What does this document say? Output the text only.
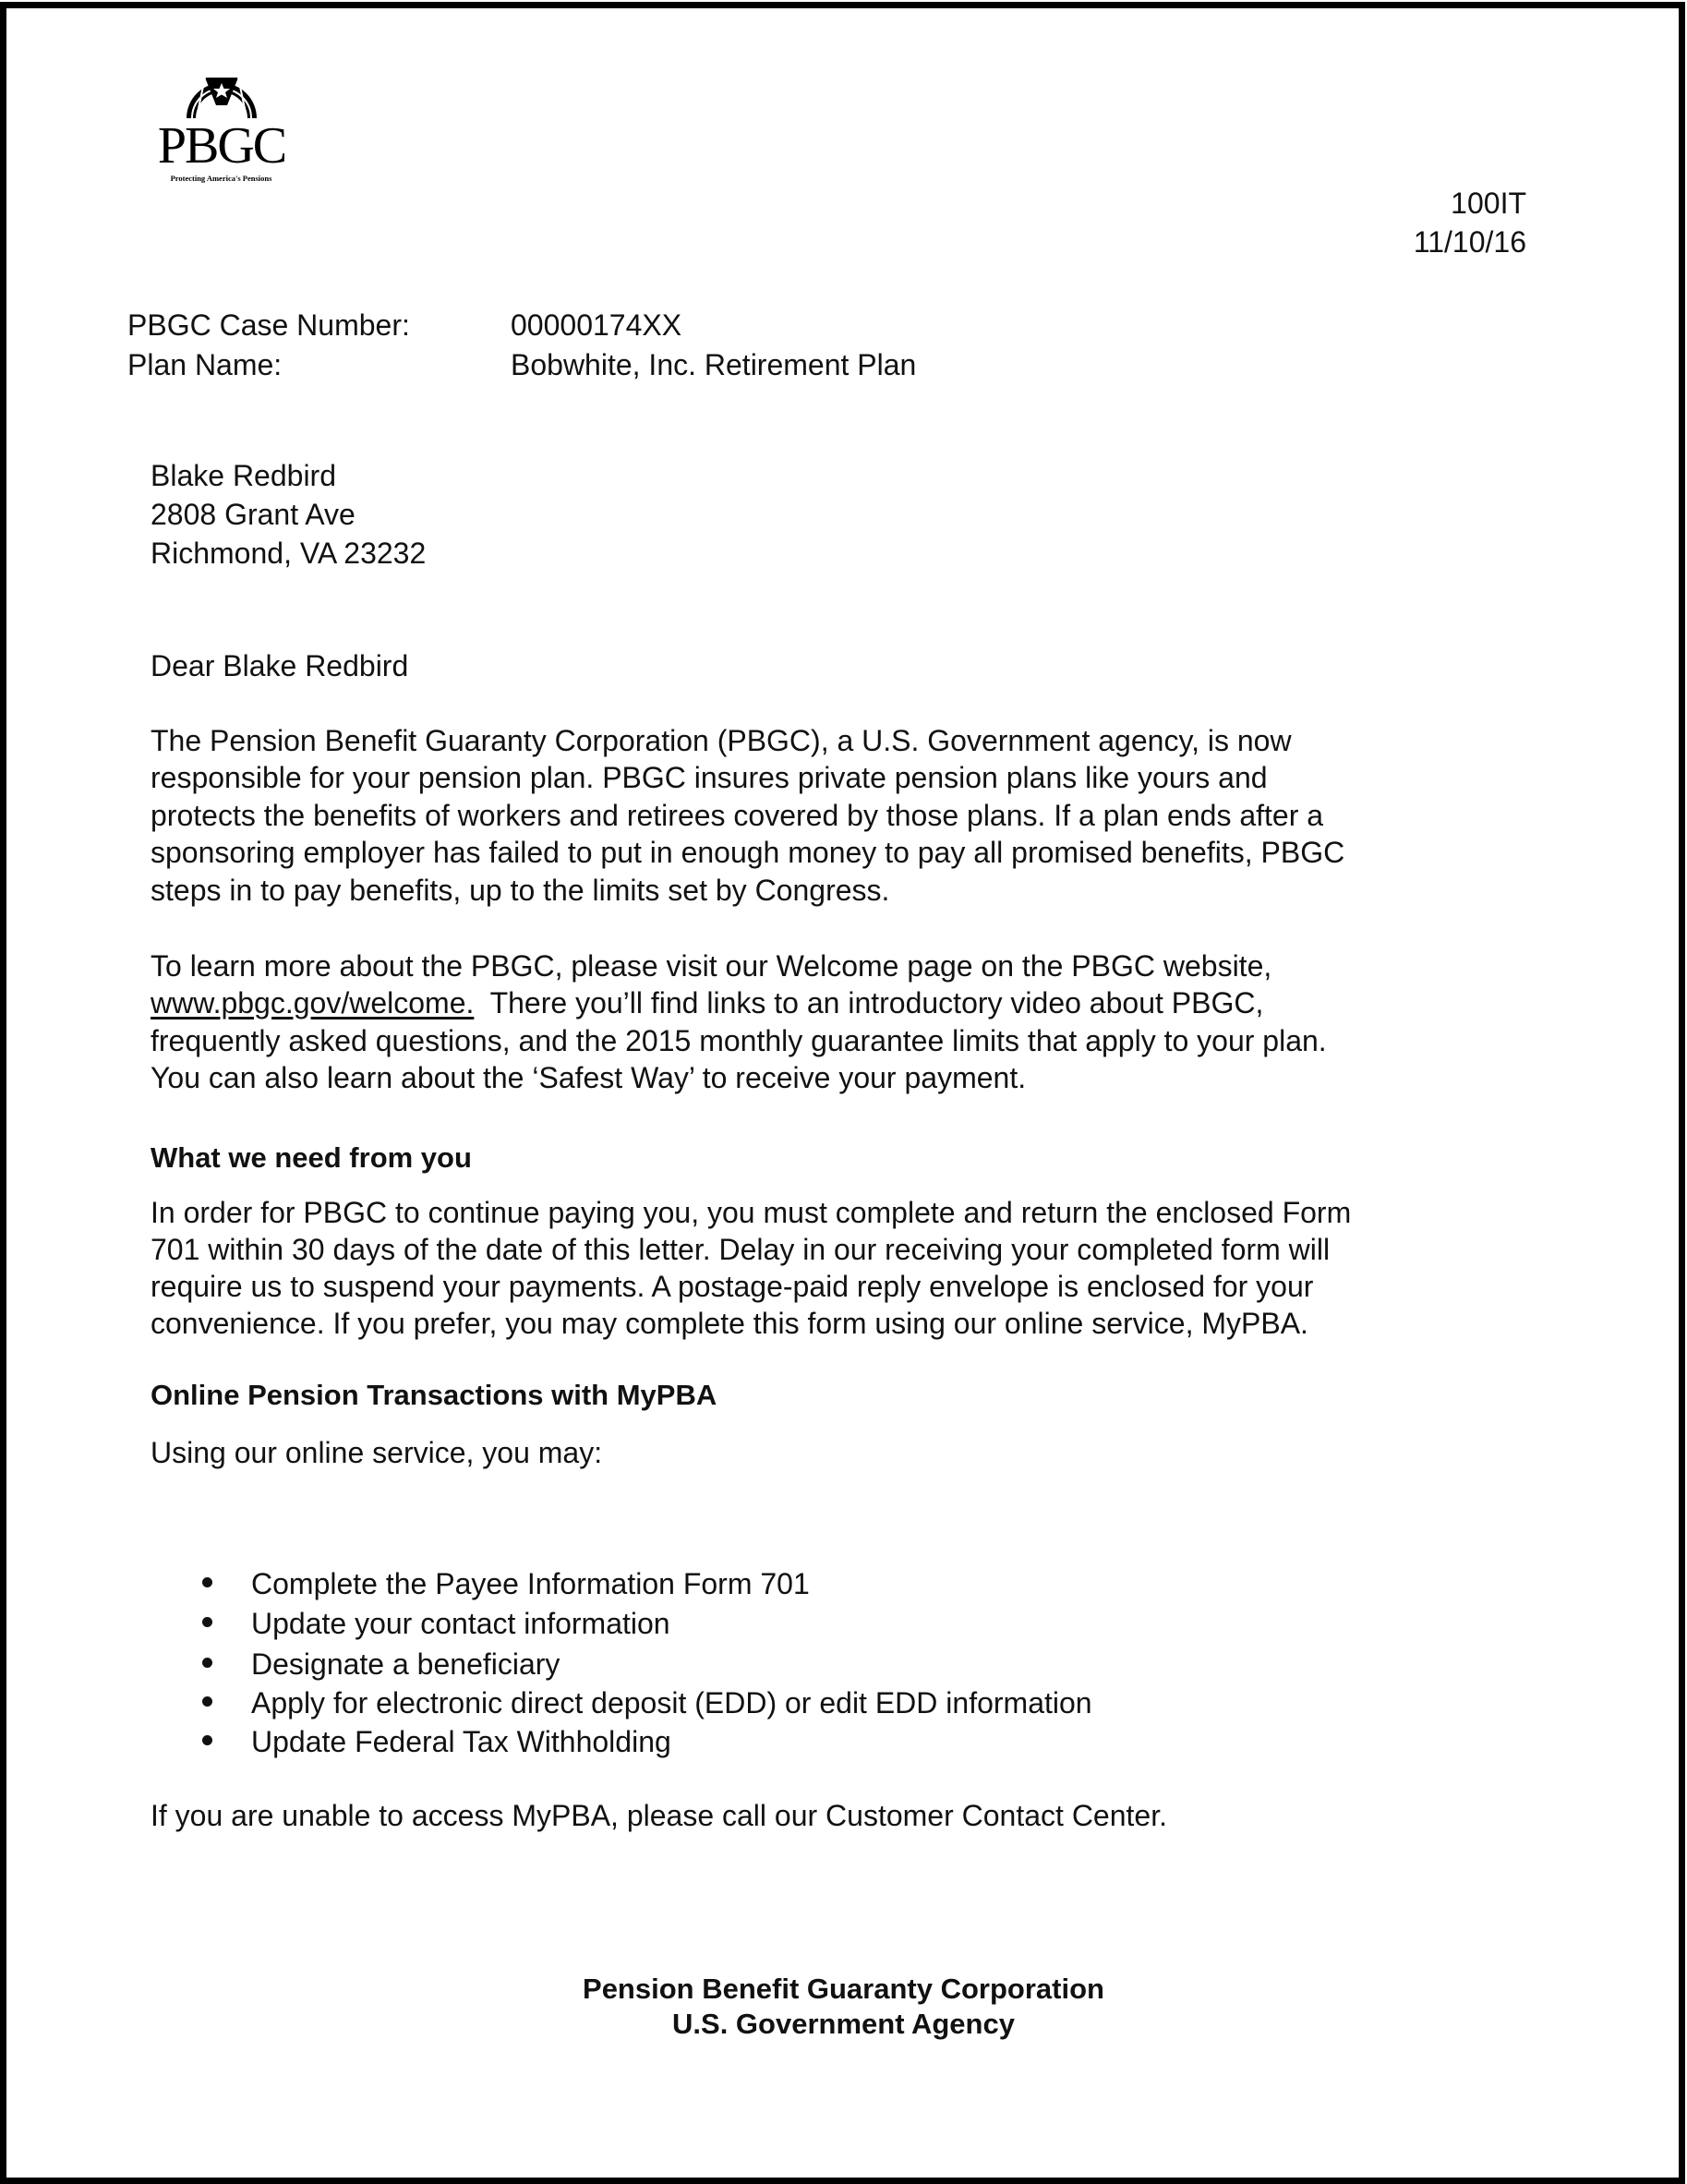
PBGC
Protecting America's Pensions
100IT
11/10/16
PBGC Case Number:	00000174XX
Plan Name:	Bobwhite, Inc. Retirement Plan
Blake Redbird
2808 Grant Ave
Richmond, VA 23232
Dear Blake Redbird
The Pension Benefit Guaranty Corporation (PBGC), a U.S. Government agency, is now
responsible for your pension plan. PBGC insures private pension plans like yours and
protects the benefits of workers and retirees covered by those plans. If a plan ends after a
sponsoring employer has failed to put in enough money to pay all promised benefits, PBGC
steps in to pay benefits, up to the limits set by Congress.
To learn more about the PBGC, please visit our Welcome page on the PBGC website,
www.pbgc.gov/welcome.  There you’ll find links to an introductory video about PBGC,
frequently asked questions, and the 2015 monthly guarantee limits that apply to your plan.
You can also learn about the ‘Safest Way’ to receive your payment.
What we need from you
In order for PBGC to continue paying you, you must complete and return the enclosed Form
701 within 30 days of the date of this letter. Delay in our receiving your completed form will
require us to suspend your payments. A postage-paid reply envelope is enclosed for your
convenience. If you prefer, you may complete this form using our online service, MyPBA.
Online Pension Transactions with MyPBA
Using our online service, you may:
Complete the Payee Information Form 701
Update your contact information
Designate a beneficiary
Apply for electronic direct deposit (EDD) or edit EDD information
Update Federal Tax Withholding
If you are unable to access MyPBA, please call our Customer Contact Center.
Pension Benefit Guaranty Corporation
U.S. Government Agency
